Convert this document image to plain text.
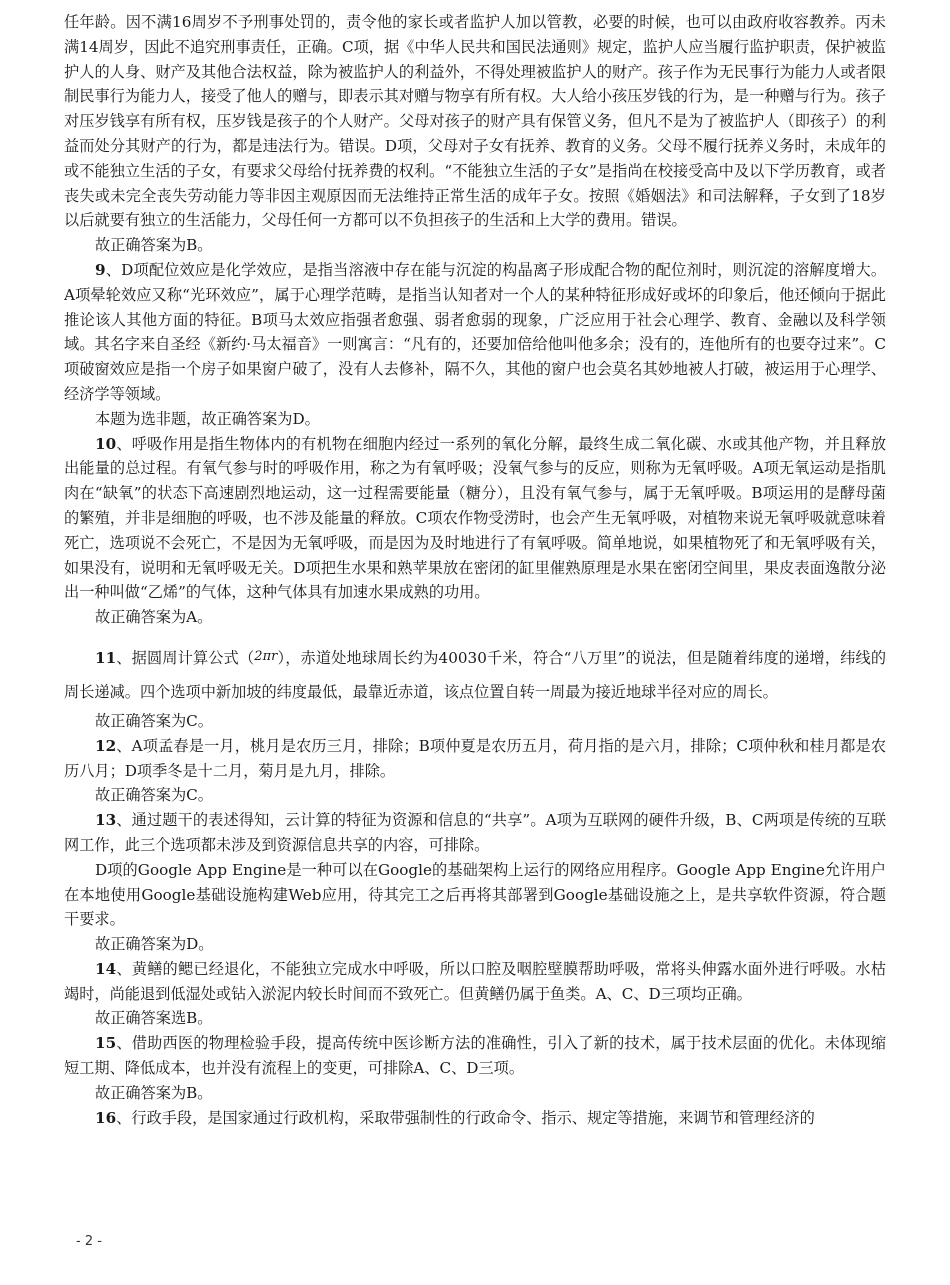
任年龄。因不满16周岁不予刑事处罚的，责令他的家长或者监护人加以管教，必要的时候，也可以由政府收容教养。丙未满14周岁，因此不追究刑事责任，正确。C项，据《中华人民共和国民法通则》规定，监护人应当履行监护职责，保护被监护人的人身、财产及其他合法权益，除为被监护人的利益外，不得处理被监护人的财产。孩子作为无民事行为能力人或者限制民事行为能力人，接受了他人的赠与，即表示其对赠与物享有所有权。大人给小孩压岁钱的行为，是一种赠与行为。孩子对压岁钱享有所有权，压岁钱是孩子的个人财产。父母对孩子的财产具有保管义务，但凡不是为了被监护人（即孩子）的利益而处分其财产的行为，都是违法行为。错误。D项，父母对子女有抚养、教育的义务。父母不履行抚养义务时，未成年的或不能独立生活的子女，有要求父母给付抚养费的权利。“不能独立生活的子女”是指尚在校接受高中及以下学历教育，或者丧失或未完全丧失劳动能力等非因主观原因而无法维持正常生活的成年子女。按照《婚姻法》和司法解释，子女到了18岁以后就要有独立的生活能力，父母任何一方都可以不负担孩子的生活和上大学的费用。错误。

故正确答案为B。

9、D项配位效应是化学效应，是指当溶液中存在能与沉淀的构晶离子形成配合物的配位剂时，则沉淀的溶解度增大。A项晕轮效应又称“光环效应”，属于心理学范畴，是指当认知者对一个人的某种特征形成好或坏的印象后，他还倾向于据此推论该人其他方面的特征。B项马太效应指强者愈强、弱者愈弱的现象，广泛应用于社会心理学、教育、金融以及科学领域。其名字来自圣经《新约·马太福音》一则寓言：“凡有的，还要加倍给他叫他多余；没有的，连他所有的也要夺过来”。C项破窗效应是指一个房子如果窗户破了，没有人去修补，隔不久，其他的窗户也会莫名其妙地被人打破，被运用于心理学、经济学等领域。

本题为选非题，故正确答案为D。

10、呼吸作用是指生物体内的有机物在细胞内经过一系列的氧化分解，最终生成二氧化碳、水或其他产物，并且释放出能量的总过程。有氧气参与时的呼吸作用，称之为有氧呼吸；没氧气参与的反应，则称为无氧呼吸。A项无氧运动是指肌肉在“缺氧”的状态下高速剧烈地运动，这一过程需要能量（糖分），且没有氧气参与，属于无氧呼吸。B项运用的是酵母菌的繁殖，并非是细胞的呼吸，也不涉及能量的释放。C项农作物受涝时，也会产生无氧呼吸，对植物来说无氧呼吸就意味着死亡，选项说不会死亡，不是因为无氧呼吸，而是因为及时地进行了有氧呼吸。简单地说，如果植物死了和无氧呼吸有关，如果没有，说明和无氧呼吸无关。D项把生水果和熟苹果放在密闭的缸里催熟原理是水果在密闭空间里，果皮表面逸散分泌出一种叫做“乙烯”的气体，这种气体具有加速水果成熟的功用。

故正确答案为A。

11、据圆周计算公式（2πr），赤道处地球周长约为40030千米，符合“八万里”的说法，但是随着纬度的递增，纬线的周长递减。四个选项中新加坡的纬度最低，最靠近赤道，该点位置自转一周最为接近地球半径对应的周长。

故正确答案为C。

12、A项孟春是一月，桃月是农历三月，排除；B项仲夏是农历五月，荷月指的是六月，排除；C项仲秋和桂月都是农历八月；D项季冬是十二月，菊月是九月，排除。

故正确答案为C。

13、通过题干的表述得知，云计算的特征为资源和信息的“共享”。A项为互联网的硬件升级，B、C两项是传统的互联网工作，此三个选项都未涉及到资源信息共享的内容，可排除。

D项的Google App Engine是一种可以在Google的基础架构上运行的网络应用程序。Google App Engine允许用户在本地使用Google基础设施构建Web应用，待其完工之后再将其部署到Google基础设施之上，是共享软件资源，符合题干要求。

故正确答案为D。

14、黄鳝的鳃已经退化，不能独立完成水中呼吸，所以口腔及咽腔壁膜帮助呼吸，常将头伸露水面外进行呼吸。水枯竭时，尚能退到低湿处或钻入淤泥内较长时间而不致死亡。但黄鳝仍属于鱼类。A、C、D三项均正确。

故正确答案选B。

15、借助西医的物理检验手段，提高传统中医诊断方法的准确性，引入了新的技术，属于技术层面的优化。未体现缩短工期、降低成本，也并没有流程上的变更，可排除A、C、D三项。

故正确答案为B。

16、行政手段，是国家通过行政机构，采取带强制性的行政命令、指示、规定等措施，来调节和管理经济的

- 2 -
